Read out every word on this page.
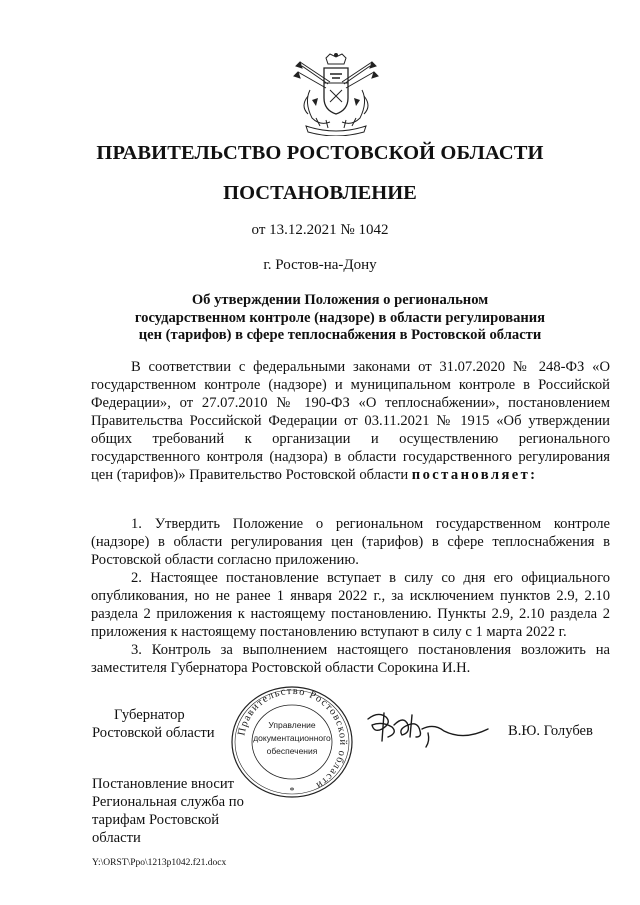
ПРАВИТЕЛЬСТВО РОСТОВСКОЙ ОБЛАСТИ
ПОСТАНОВЛЕНИЕ
от 13.12.2021 № 1042
г. Ростов-на-Дону
Об утверждении Положения о региональном
государственном контроле (надзоре) в области регулирования
цен (тарифов) в сфере теплоснабжения в Ростовской области
В соответствии с федеральными законами от 31.07.2020 № 248-ФЗ «О государственном контроле (надзоре) и муниципальном контроле в Российской Федерации», от 27.07.2010 № 190-ФЗ «О теплоснабжении», постановлением Правительства Российской Федерации от 03.11.2021 № 1915 «Об утверждении общих требований к организации и осуществлению регионального государственного контроля (надзора) в области государственного регулирования цен (тарифов)» Правительство Ростовской области постановляет:

1. Утвердить Положение о региональном государственном контроле (надзоре) в области регулирования цен (тарифов) в сфере теплоснабжения в Ростовской области согласно приложению.

2. Настоящее постановление вступает в силу со дня его официального опубликования, но не ранее 1 января 2022 г., за исключением пунктов 2.9, 2.10 раздела 2 приложения к настоящему постановлению. Пункты 2.9, 2.10 раздела 2 приложения к настоящему постановлению вступают в силу с 1 марта 2022 г.

3. Контроль за выполнением настоящего постановления возложить на заместителя Губернатора Ростовской области Сорокина И.Н.

Губернатор
Ростовской области Правительство Ростовской области
Управление
документационного
обеспечения
*
В.Ю. Голубев
Постановление вносит Региональная служба по тарифам Ростовской области
Y:\ORST\Ppo\1213p1042.f21.docx
